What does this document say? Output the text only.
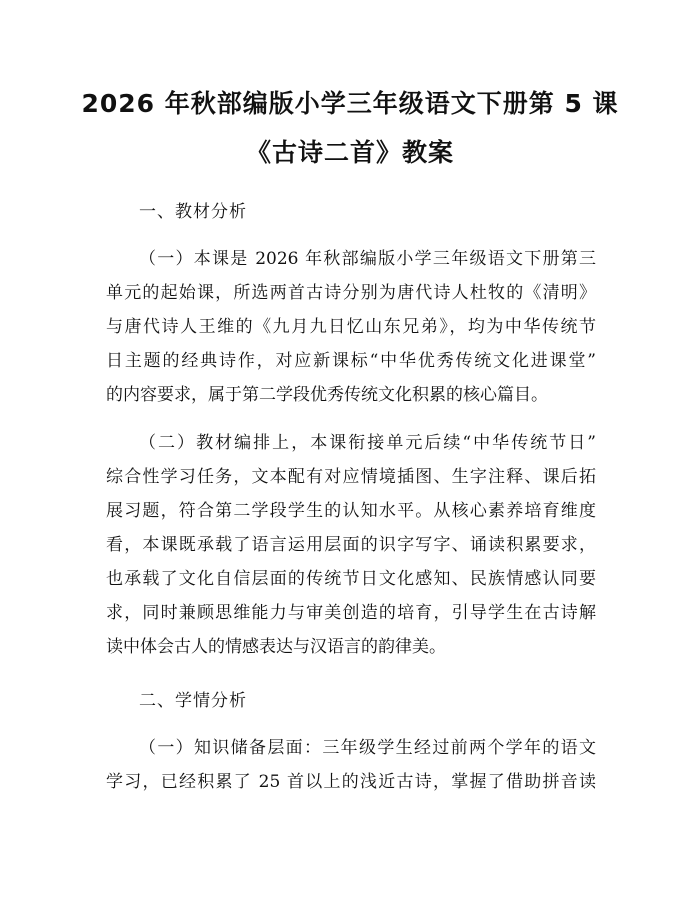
2026 年秋部编版小学三年级语文下册第 5 课
《古诗二首》教案
一、教材分析
（一）本课是 2026 年秋部编版小学三年级语文下册第三
单元的起始课，所选两首古诗分别为唐代诗人杜牧的《清明》
与唐代诗人王维的《九月九日忆山东兄弟》，均为中华传统节
日主题的经典诗作，对应新课标“中华优秀传统文化进课堂”
的内容要求，属于第二学段优秀传统文化积累的核心篇目。
（二）教材编排上，本课衔接单元后续“中华传统节日”
综合性学习任务，文本配有对应情境插图、生字注释、课后拓
展习题，符合第二学段学生的认知水平。从核心素养培育维度
看，本课既承载了语言运用层面的识字写字、诵读积累要求，
也承载了文化自信层面的传统节日文化感知、民族情感认同要
求，同时兼顾思维能力与审美创造的培育，引导学生在古诗解
读中体会古人的情感表达与汉语言的韵律美。
二、学情分析
（一）知识储备层面：三年级学生经过前两个学年的语文
学习，已经积累了 25 首以上的浅近古诗，掌握了借助拼音读
